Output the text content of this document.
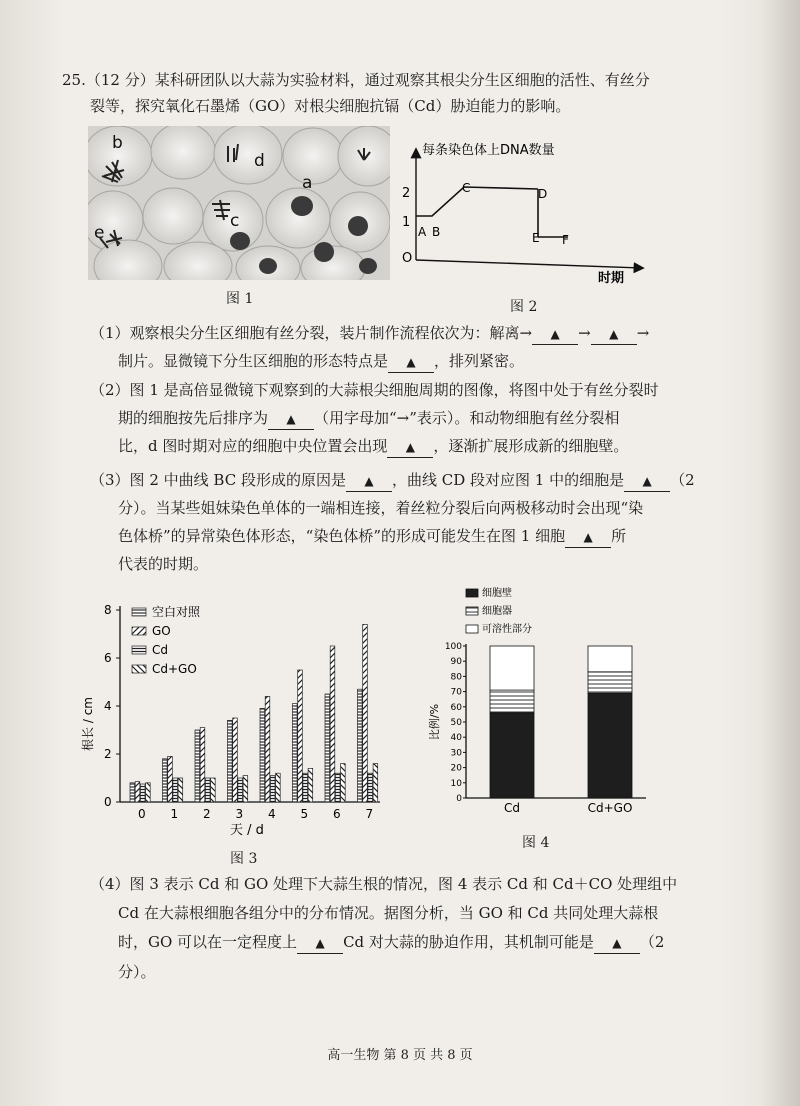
25.（12 分）某科研团队以大蒜为实验材料，通过观察其根尖分生区细胞的活性、有丝分
裂等，探究氧化石墨烯（GO）对根尖细胞抗镉（Cd）胁迫能力的影响。
b
d
a
c
e
图 1
每条染色体上DNA数量
2
1
O
时期
A B
C	D
E F
图 2
（1）观察根尖分生区细胞有丝分裂，装片制作流程依次为：解离→ ▲ → ▲ →
制片。显微镜下分生区细胞的形态特点是 ▲ ，排列紧密。
（2）图 1 是高倍显微镜下观察到的大蒜根尖细胞周期的图像，将图中处于有丝分裂时
期的细胞按先后排序为 ▲ （用字母加“→”表示）。和动物细胞有丝分裂相
比，d 图时期对应的细胞中央位置会出现 ▲ ，逐渐扩展形成新的细胞壁。
（3）图 2 中曲线 BC 段形成的原因是 ▲ ，曲线 CD 段对应图 1 中的细胞是 ▲ （2
分）。当某些姐妹染色单体的一端相连接，着丝粒分裂后向两极移动时会出现“染
色体桥”的异常染色体形态，“染色体桥”的形成可能发生在图 1 细胞 ▲ 所
代表的时期。
0
2
4
6
8
根长 / cm
0 1 2 3 4 5 6 7
天 / d
空白对照
GO
Cd
Cd+GO
图 3
0
10
20
30
40
50
60
70
80
90
100
比例/%
Cd	Cd+GO
细胞壁
细胞器
可溶性部分
图 4
（4）图 3 表示 Cd 和 GO 处理下大蒜生根的情况，图 4 表示 Cd 和 Cd＋CO 处理组中
Cd 在大蒜根细胞各组分中的分布情况。据图分析，当 GO 和 Cd 共同处理大蒜根
时，GO 可以在一定程度上 ▲ Cd 对大蒜的胁迫作用，其机制可能是 ▲ （2
分）。
高一生物 第 8 页 共 8 页
